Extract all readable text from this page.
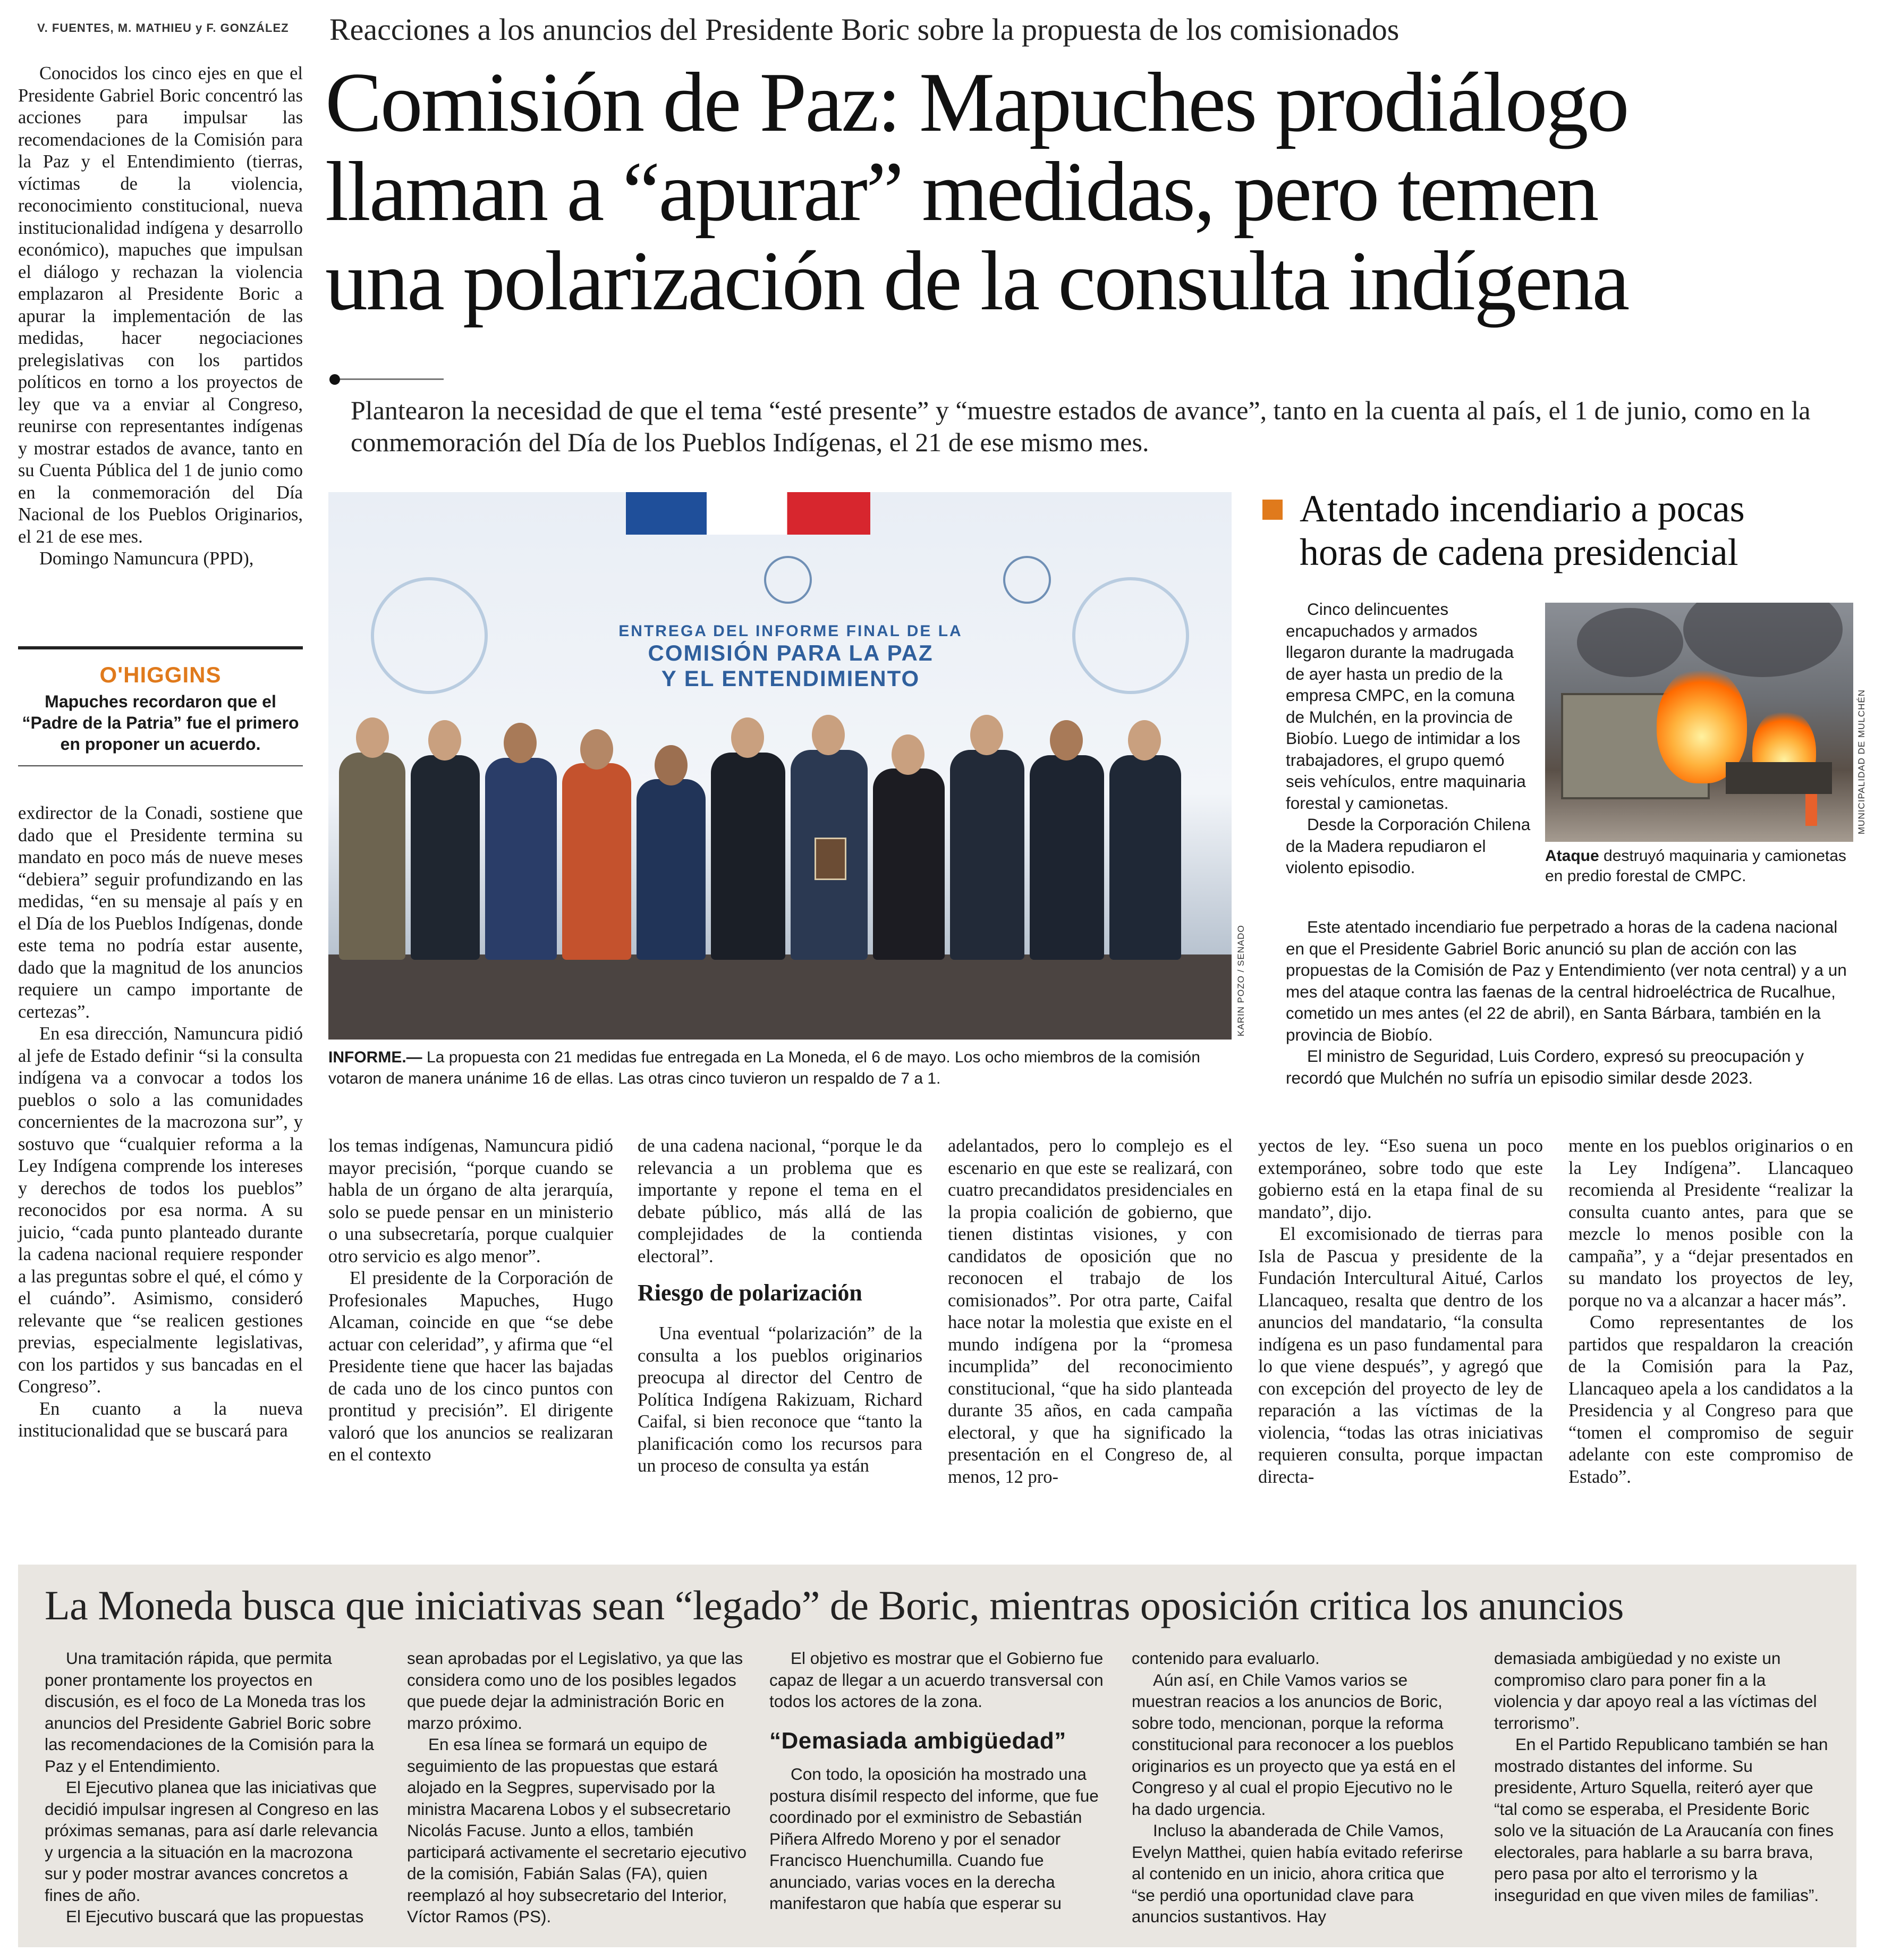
V. FUENTES, M. MATHIEU y F. GONZÁLEZ Reacciones a los anuncios del Presidente Boric sobre la propuesta de los comisionados
Comisión de Paz: Mapuches prodiálogo
llaman a “apurar” medidas, pero temen
una polarización de la consulta indígena
Plantearon la necesidad de que el tema “esté presente” y “muestre estados de avance”, tanto en la cuenta al país, el 1 de junio, como en la conmemoración del Día de los Pueblos Indígenas, el 21 de ese mismo mes.

Conocidos los cinco ejes en que el Presidente Gabriel Boric concentró las acciones para impulsar las recomendaciones de la Comisión para la Paz y el Entendimiento (tierras, víctimas de la violencia, reconocimiento constitucional, nueva institucionalidad indígena y desarrollo económico), mapuches que impulsan el diálogo y rechazan la violencia emplazaron al Presidente Boric a apurar la implementación de las medidas, hacer negociaciones prelegislativas con los partidos políticos en torno a los proyectos de ley que va a enviar al Congreso, reunirse con representantes indígenas y mostrar estados de avance, tanto en su Cuenta Pública del 1 de junio como en la conmemoración del Día Nacional de los Pueblos Originarios, el 21 de ese mes.

Domingo Namuncura (PPD),

O'HIGGINS
Mapuches recordaron que el “Padre de la Patria” fue el primero en proponer un acuerdo.

exdirector de la Conadi, sostiene que dado que el Presidente termina su mandato en poco más de nueve meses “debiera” seguir profundizando en las medidas, “en su mensaje al país y en el Día de los Pueblos Indígenas, donde este tema no podría estar ausente, dado que la magnitud de los anuncios requiere un campo importante de certezas”.

En esa dirección, Namuncura pidió al jefe de Estado definir “si la consulta indígena va a convocar a todos los pueblos o solo a las comunidades concernientes de la macrozona sur”, y sostuvo que “cualquier reforma a la Ley Indígena comprende los intereses y derechos de todos los pueblos” reconocidos por esa norma. A su juicio, “cada punto planteado durante la cadena nacional requiere responder a las preguntas sobre el qué, el cómo y el cuándo”. Asimismo, consideró relevante que “se realicen gestiones previas, especialmente legislativas, con los partidos y sus bancadas en el Congreso”.

En cuanto a la nueva institucionalidad que se buscará para

ENTREGA DEL INFORME FINAL DE LA
COMISIÓN PARA LA PAZ
Y EL ENTENDIMIENTO
KARIN POZO / SENADO
INFORME.— La propuesta con 21 medidas fue entregada en La Moneda, el 6 de mayo. Los ocho miembros de la comisión votaron de manera unánime 16 de ellas. Las otras cinco tuvieron un respaldo de 7 a 1.
Atentado incendiario a pocas
horas de cadena presidencial

Cinco delincuentes encapuchados y armados llegaron durante la madrugada de ayer hasta un predio de la empresa CMPC, en la comuna de Mulchén, en la provincia de Biobío. Luego de intimidar a los trabajadores, el grupo quemó seis vehículos, entre maquinaria forestal y camionetas.

Desde la Corporación Chilena de la Madera repudiaron el violento episodio.

MUNICIPALIDAD DE MULCHÉN
Ataque destruyó maquinaria y camionetas en predio forestal de CMPC.

Este atentado incendiario fue perpetrado a horas de la cadena nacional en que el Presidente Gabriel Boric anunció su plan de acción con las propuestas de la Comisión de Paz y Entendimiento (ver nota central) y a un mes del ataque contra las faenas de la central hidroeléctrica de Rucalhue, cometido un mes antes (el 22 de abril), en Santa Bárbara, también en la provincia de Biobío.

El ministro de Seguridad, Luis Cordero, expresó su preocupación y recordó que Mulchén no sufría un episodio similar desde 2023.

los temas indígenas, Namuncura pidió mayor precisión, “porque cuando se habla de un órgano de alta jerarquía, solo se puede pensar en un ministerio o una subsecretaría, porque cualquier otro servicio es algo menor”.

El presidente de la Corporación de Profesionales Mapuches, Hugo Alcaman, coincide en que “se debe actuar con celeridad”, y afirma que “el Presidente tiene que hacer las bajadas de cada uno de los cinco puntos con prontitud y precisión”. El dirigente valoró que los anuncios se realizaran en el contexto

de una cadena nacional, “porque le da relevancia a un problema que es importante y repone el tema en el debate público, más allá de las complejidades de la contienda electoral”.

Riesgo de polarización

Una eventual “polarización” de la consulta a los pueblos originarios preocupa al director del Centro de Política Indígena Rakizuam, Richard Caifal, si bien reconoce que “tanto la planificación como los recursos para un proceso de consulta ya están

adelantados, pero lo complejo es el escenario en que este se realizará, con cuatro precandidatos presidenciales en la propia coalición de gobierno, que tienen distintas visiones, y con candidatos de oposición que no reconocen el trabajo de los comisionados”. Por otra parte, Caifal hace notar la molestia que existe en el mundo indígena por la “promesa incumplida” del reconocimiento constitucional, “que ha sido planteada durante 35 años, en cada campaña electoral, y que ha significado la presentación en el Congreso de, al menos, 12 pro-

yectos de ley. “Eso suena un poco extemporáneo, sobre todo que este gobierno está en la etapa final de su mandato”, dijo.

El excomisionado de tierras para Isla de Pascua y presidente de la Fundación Intercultural Aitué, Carlos Llancaqueo, resalta que dentro de los anuncios del mandatario, “la consulta indígena es un paso fundamental para lo que viene después”, y agregó que con excepción del proyecto de ley de reparación a las víctimas de la violencia, “todas las otras iniciativas requieren consulta, porque impactan directa-

mente en los pueblos originarios o en la Ley Indígena”. Llancaqueo recomienda al Presidente “realizar la consulta cuanto antes, para que se mezcle lo menos posible con la campaña”, y a “dejar presentados en su mandato los proyectos de ley, porque no va a alcanzar a hacer más”.

Como representantes de los partidos que respaldaron la creación de la Comisión para la Paz, Llancaqueo apela a los candidatos a la Presidencia y al Congreso para que “tomen el compromiso de seguir adelante con este compromiso de Estado”.

La Moneda busca que iniciativas sean “legado” de Boric, mientras oposición critica los anuncios

Una tramitación rápida, que permita poner prontamente los proyectos en discusión, es el foco de La Moneda tras los anuncios del Presidente Gabriel Boric sobre las recomendaciones de la Comisión para la Paz y el Entendimiento.

El Ejecutivo planea que las iniciativas que decidió impulsar ingresen al Congreso en las próximas semanas, para así darle relevancia y urgencia a la situación en la macrozona sur y poder mostrar avances concretos a fines de año.

El Ejecutivo buscará que las propuestas

sean aprobadas por el Legislativo, ya que las considera como uno de los posibles legados que puede dejar la administración Boric en marzo próximo.

En esa línea se formará un equipo de seguimiento de las propuestas que estará alojado en la Segpres, supervisado por la ministra Macarena Lobos y el subsecretario Nicolás Facuse. Junto a ellos, también participará activamente el secretario ejecutivo de la comisión, Fabián Salas (FA), quien reemplazó al hoy subsecretario del Interior, Víctor Ramos (PS).

El objetivo es mostrar que el Gobierno fue capaz de llegar a un acuerdo transversal con todos los actores de la zona.

“Demasiada ambigüedad”

Con todo, la oposición ha mostrado una postura disímil respecto del informe, que fue coordinado por el exministro de Sebastián Piñera Alfredo Moreno y por el senador Francisco Huenchumilla. Cuando fue anunciado, varias voces en la derecha manifestaron que había que esperar su

contenido para evaluarlo.

Aún así, en Chile Vamos varios se muestran reacios a los anuncios de Boric, sobre todo, mencionan, porque la reforma constitucional para reconocer a los pueblos originarios es un proyecto que ya está en el Congreso y al cual el propio Ejecutivo no le ha dado urgencia.

Incluso la abanderada de Chile Vamos, Evelyn Matthei, quien había evitado referirse al contenido en un inicio, ahora critica que “se perdió una oportunidad clave para anuncios sustantivos. Hay

demasiada ambigüedad y no existe un compromiso claro para poner fin a la violencia y dar apoyo real a las víctimas del terrorismo”.

En el Partido Republicano también se han mostrado distantes del informe. Su presidente, Arturo Squella, reiteró ayer que “tal como se esperaba, el Presidente Boric solo ve la situación de La Araucanía con fines electorales, para hablarle a su barra brava, pero pasa por alto el terrorismo y la inseguridad en que viven miles de familias”.
